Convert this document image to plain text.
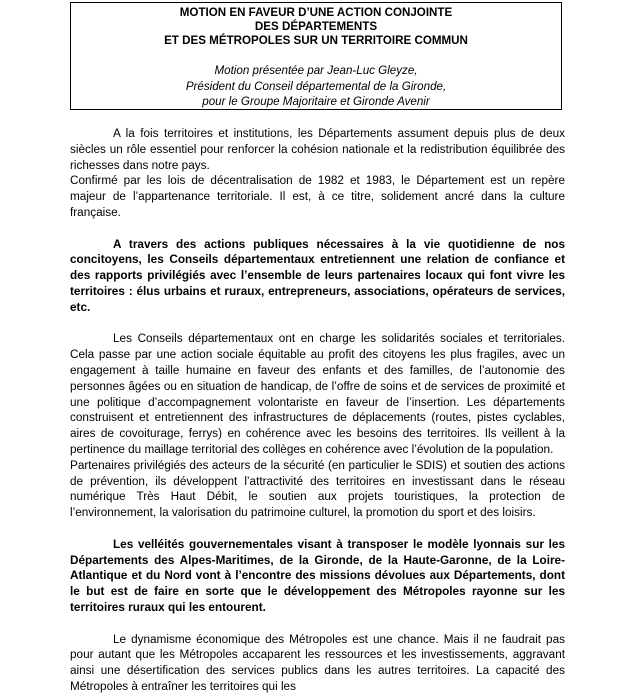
MOTION EN FAVEUR D’UNE ACTION CONJOINTE

DES DÉPARTEMENTS

ET DES MÉTROPOLES SUR UN TERRITOIRE COMMUN

Motion présentée par Jean-Luc Gleyze,

Président du Conseil départemental de la Gironde,

pour le Groupe Majoritaire et Gironde Avenir

A la fois territoires et institutions, les Départements assument depuis plus de deux siècles un rôle essentiel pour renforcer la cohésion nationale et la redistribution équilibrée des richesses dans notre pays.

Confirmé par les lois de décentralisation de 1982 et 1983, le Département est un repère majeur de l’appartenance territoriale. Il est, à ce titre, solidement ancré dans la culture française.

A travers des actions publiques nécessaires à la vie quotidienne de nos concitoyens, les Conseils départementaux entretiennent une relation de confiance et des rapports privilégiés avec l’ensemble de leurs partenaires locaux qui font vivre les territoires : élus urbains et ruraux, entrepreneurs, associations, opérateurs de services, etc.

Les Conseils départementaux ont en charge les solidarités sociales et territoriales. Cela passe par une action sociale équitable au profit des citoyens les plus fragiles, avec un engagement à taille humaine en faveur des enfants et des familles, de l’autonomie des personnes âgées ou en situation de handicap, de l’offre de soins et de services de proximité et une politique d’accompagnement volontariste en faveur de l’insertion. Les départements construisent et entretiennent des infrastructures de déplacements (routes, pistes cyclables, aires de covoiturage, ferrys) en cohérence avec les besoins des territoires. Ils veillent à la pertinence du maillage territorial des collèges en cohérence avec l’évolution de la population.

Partenaires privilégiés des acteurs de la sécurité (en particulier le SDIS) et soutien des actions de prévention, ils développent l’attractivité des territoires en investissant dans le réseau numérique Très Haut Débit, le soutien aux projets touristiques, la protection de l’environnement, la valorisation du patrimoine culturel, la promotion du sport et des loisirs.

Les velléités gouvernementales visant à transposer le modèle lyonnais sur les Départements des Alpes-Maritimes, de la Gironde, de la Haute-Garonne, de la Loire-Atlantique et du Nord vont à l’encontre des missions dévolues aux Départements, dont le but est de faire en sorte que le développement des Métropoles rayonne sur les territoires ruraux qui les entourent.

Le dynamisme économique des Métropoles est une chance. Mais il ne faudrait pas pour autant que les Métropoles accaparent les ressources et les investissements, aggravant ainsi une désertification des services publics dans les autres territoires. La capacité des Métropoles à entraîner les territoires qui les
